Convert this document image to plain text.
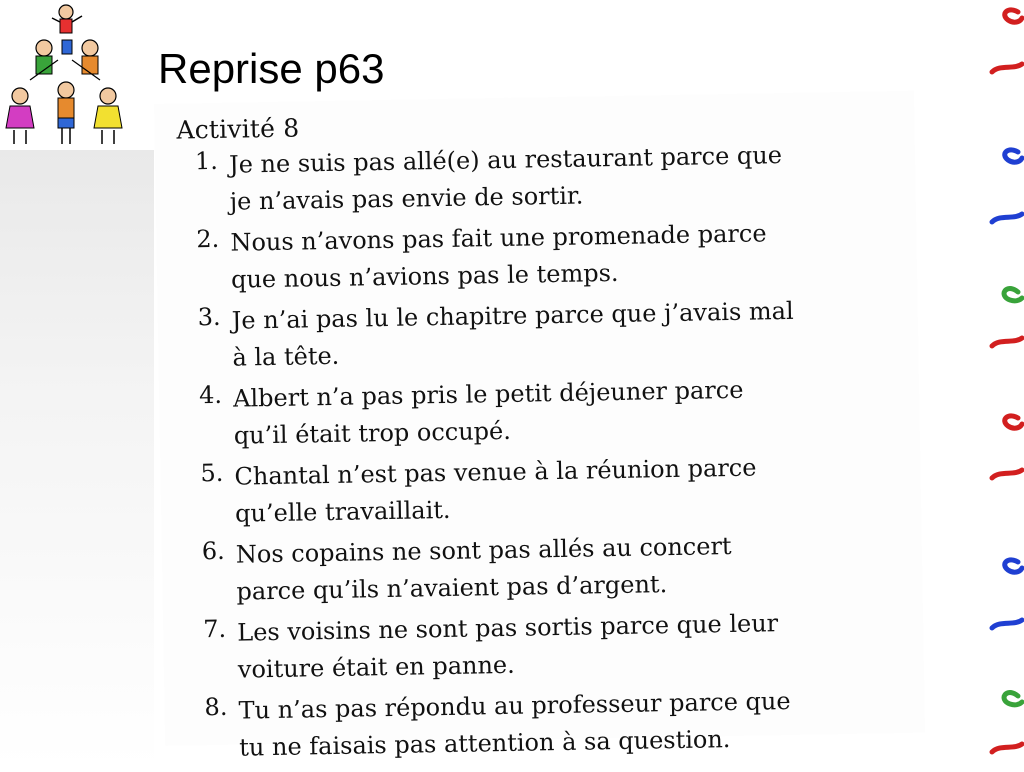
Reprise p63
Activité 8
1. Je ne suis pas allé(e) au restaurant parce que
je n’avais pas envie de sortir.
2. Nous n’avons pas fait une promenade parce
que nous n’avions pas le temps.
3. Je n’ai pas lu le chapitre parce que j’avais mal
à la tête.
4. Albert n’a pas pris le petit déjeuner parce
qu’il était trop occupé.
5. Chantal n’est pas venue à la réunion parce
qu’elle travaillait.
6. Nos copains ne sont pas allés au concert
parce qu’ils n’avaient pas d’argent.
7. Les voisins ne sont pas sortis parce que leur
voiture était en panne.
8. Tu n’as pas répondu au professeur parce que
tu ne faisais pas attention à sa question.
